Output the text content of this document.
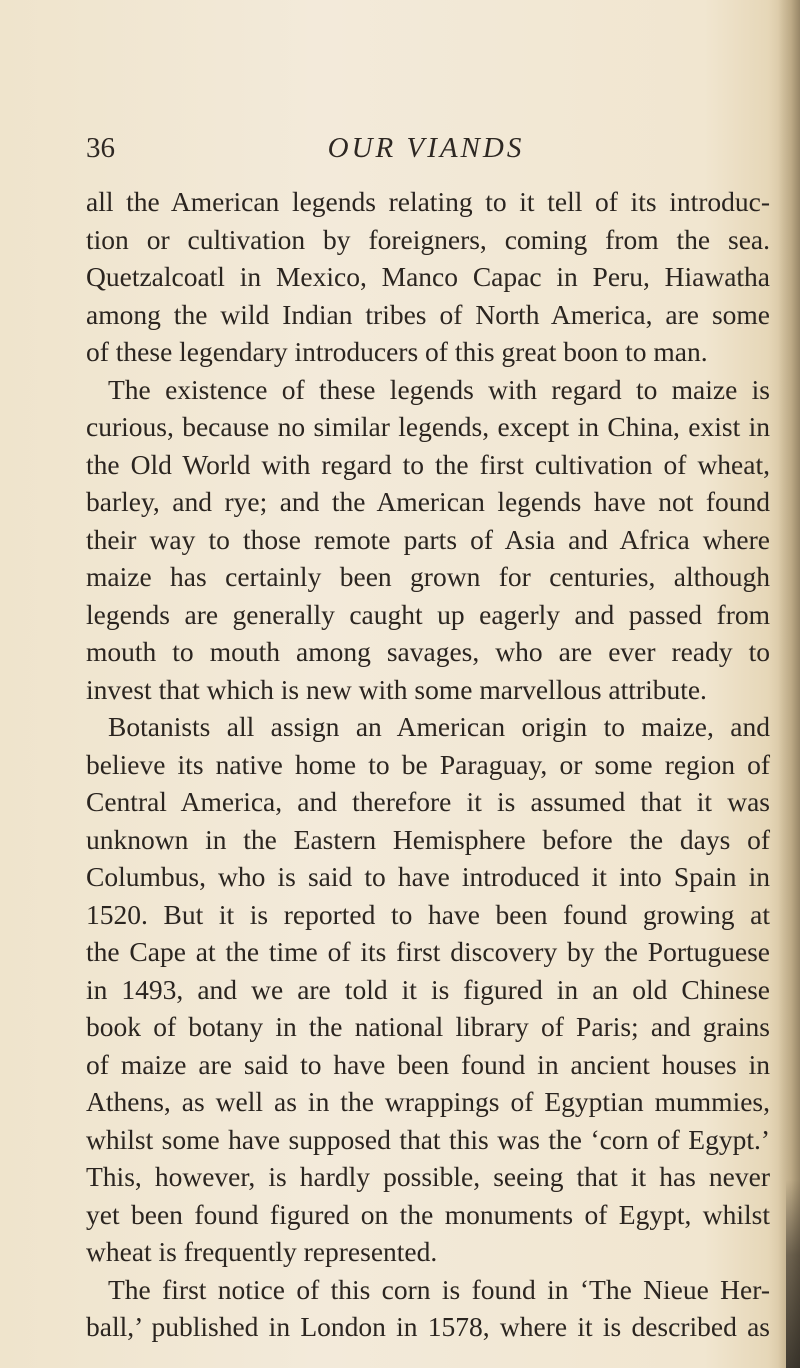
36	OUR VIANDS
all the American legends relating to it tell of its introduc-
tion or cultivation by foreigners, coming from the sea.
Quetzalcoatl in Mexico, Manco Capac in Peru, Hiawatha
among the wild Indian tribes of North America, are some
of these legendary introducers of this great boon to man.
The existence of these legends with regard to maize is
curious, because no similar legends, except in China, exist in
the Old World with regard to the first cultivation of wheat,
barley, and rye; and the American legends have not found
their way to those remote parts of Asia and Africa where
maize has certainly been grown for centuries, although
legends are generally caught up eagerly and passed from
mouth to mouth among savages, who are ever ready to
invest that which is new with some marvellous attribute.
Botanists all assign an American origin to maize, and
believe its native home to be Paraguay, or some region of
Central America, and therefore it is assumed that it was
unknown in the Eastern Hemisphere before the days of
Columbus, who is said to have introduced it into Spain in
1520. But it is reported to have been found growing at
the Cape at the time of its first discovery by the Portuguese
in 1493, and we are told it is figured in an old Chinese
book of botany in the national library of Paris; and grains
of maize are said to have been found in ancient houses in
Athens, as well as in the wrappings of Egyptian mummies,
whilst some have supposed that this was the ‘corn of Egypt.’
This, however, is hardly possible, seeing that it has never
yet been found figured on the monuments of Egypt, whilst
wheat is frequently represented.
The first notice of this corn is found in ‘The Nieue Her-
ball,’ published in London in 1578, where it is described as
